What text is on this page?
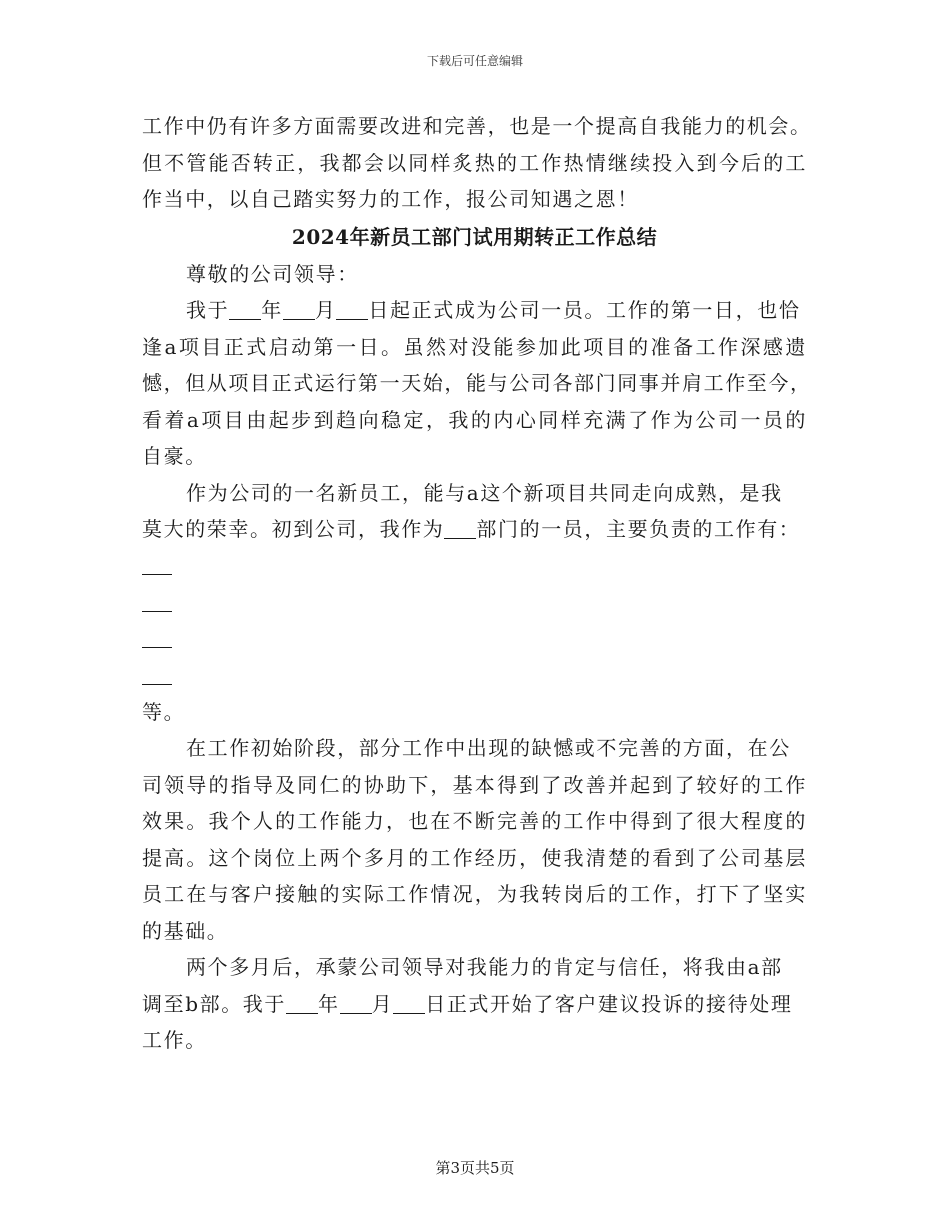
下载后可任意编辑
工作中仍有许多方面需要改进和完善，也是一个提高自我能力的机会。
但不管能否转正，我都会以同样炙热的工作热情继续投入到今后的工
作当中，以自己踏实努力的工作，报公司知遇之恩！
2024年新员工部门试用期转正工作总结
尊敬的公司领导：
我于 年 月 日起正式成为公司一员。工作的第一日，也恰
逢a项目正式启动第一日。虽然对没能参加此项目的准备工作深感遗
憾，但从项目正式运行第一天始，能与公司各部门同事并肩工作至今，
看着a项目由起步到趋向稳定，我的内心同样充满了作为公司一员的
自豪。
作为公司的一名新员工，能与a这个新项目共同走向成熟，是我
莫大的荣幸。初到公司，我作为 部门的一员，主要负责的工作有：
等。
在工作初始阶段，部分工作中出现的缺憾或不完善的方面，在公
司领导的指导及同仁的协助下，基本得到了改善并起到了较好的工作
效果。我个人的工作能力，也在不断完善的工作中得到了很大程度的
提高。这个岗位上两个多月的工作经历，使我清楚的看到了公司基层
员工在与客户接触的实际工作情况，为我转岗后的工作，打下了坚实
的基础。
两个多月后，承蒙公司领导对我能力的肯定与信任，将我由a部
调至b部。我于 年 月 日正式开始了客户建议投诉的接待处理
工作。
第3页共5页
